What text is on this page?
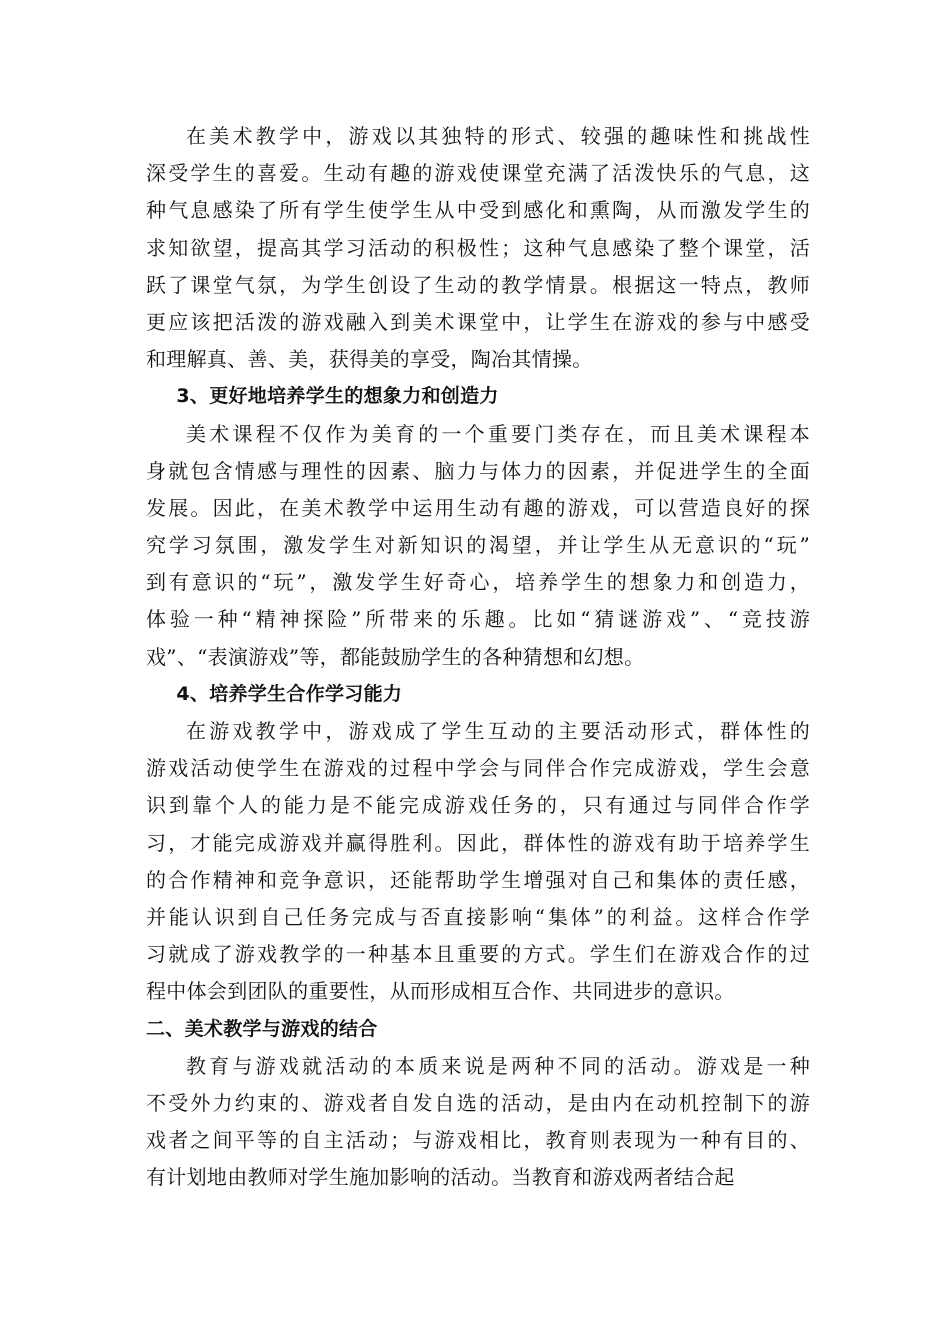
在美术教学中，游戏以其独特的形式、较强的趣味性和挑战性
深受学生的喜爱。生动有趣的游戏使课堂充满了活泼快乐的气息，这
种气息感染了所有学生使学生从中受到感化和熏陶，从而激发学生的
求知欲望，提高其学习活动的积极性；这种气息感染了整个课堂，活
跃了课堂气氛，为学生创设了生动的教学情景。根据这一特点，教师
更应该把活泼的游戏融入到美术课堂中，让学生在游戏的参与中感受
和理解真、善、美，获得美的享受，陶冶其情操。
3、更好地培养学生的想象力和创造力
美术课程不仅作为美育的一个重要门类存在，而且美术课程本
身就包含情感与理性的因素、脑力与体力的因素，并促进学生的全面
发展。因此，在美术教学中运用生动有趣的游戏，可以营造良好的探
究学习氛围，激发学生对新知识的渴望，并让学生从无意识的“玩”
到有意识的“玩”，激发学生好奇心，培养学生的想象力和创造力，
体验一种“精神探险”所带来的乐趣。比如“猜谜游戏”、“竞技游
戏”、“表演游戏”等，都能鼓励学生的各种猜想和幻想。
4、培养学生合作学习能力
在游戏教学中，游戏成了学生互动的主要活动形式，群体性的
游戏活动使学生在游戏的过程中学会与同伴合作完成游戏，学生会意
识到靠个人的能力是不能完成游戏任务的，只有通过与同伴合作学
习，才能完成游戏并赢得胜利。因此，群体性的游戏有助于培养学生
的合作精神和竞争意识，还能帮助学生增强对自己和集体的责任感，
并能认识到自己任务完成与否直接影响“集体”的利益。这样合作学
习就成了游戏教学的一种基本且重要的方式。学生们在游戏合作的过
程中体会到团队的重要性，从而形成相互合作、共同进步的意识。
二、美术教学与游戏的结合
教育与游戏就活动的本质来说是两种不同的活动。游戏是一种
不受外力约束的、游戏者自发自选的活动，是由内在动机控制下的游
戏者之间平等的自主活动；与游戏相比，教育则表现为一种有目的、
有计划地由教师对学生施加影响的活动。当教育和游戏两者结合起
